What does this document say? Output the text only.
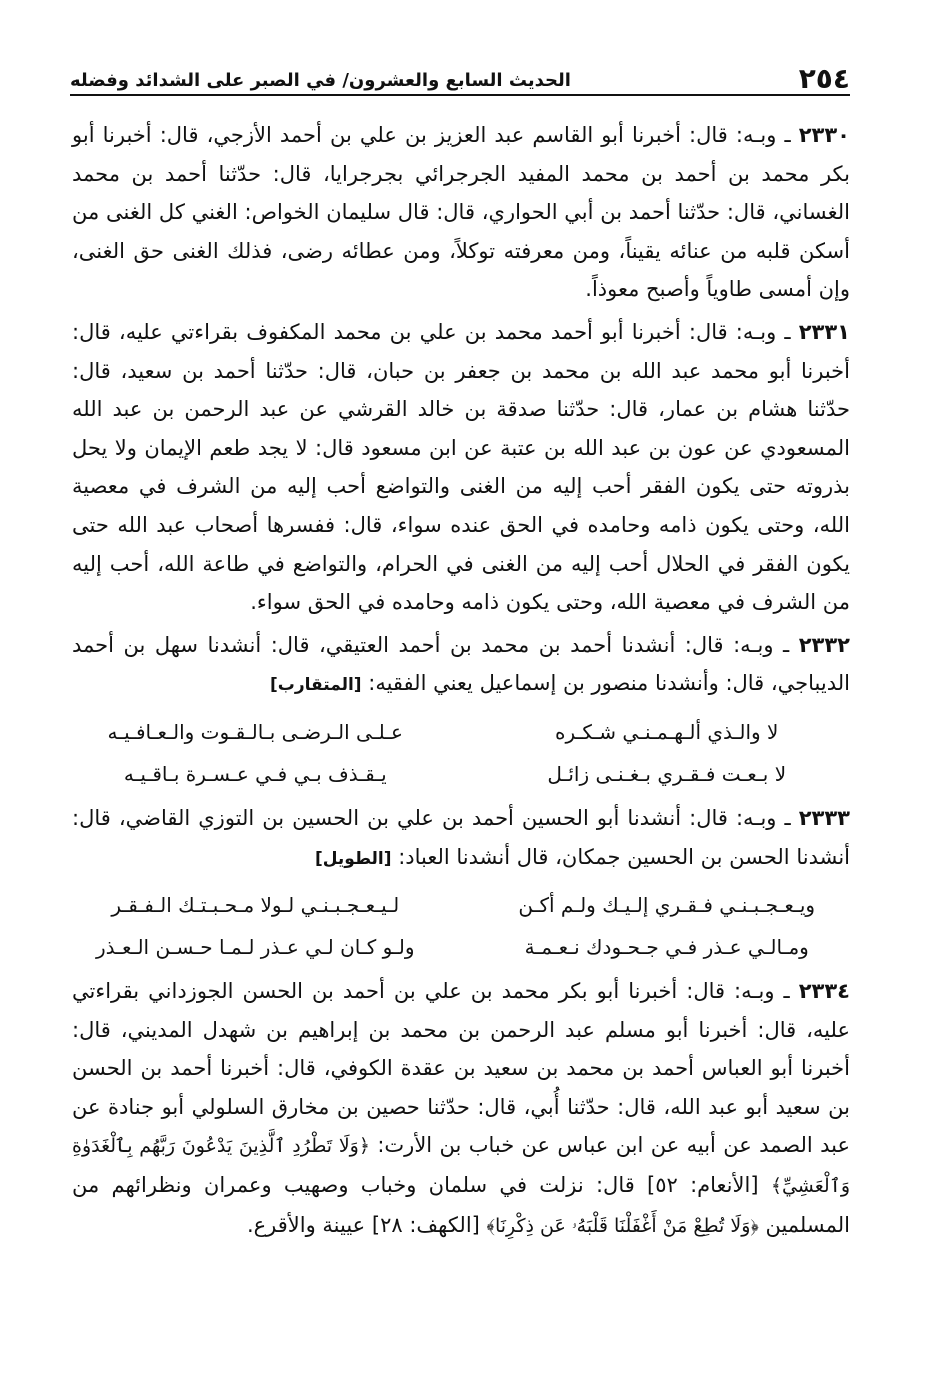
٢٥٤
الحديث السابع والعشرون/ في الصبر على الشدائد وفضله

٢٣٣٠ ـ وبـه: قال: أخبرنا أبو القاسم عبد العزيز بن علي بن أحمد الأزجي، قال: أخبرنا أبو بكر محمد بن أحمد بن محمد المفيد الجرجرائي بجرجرايا، قال: حدّثنا أحمد بن محمد الغساني، قال: حدّثنا أحمد بن أبي الحواري، قال: قال سليمان الخواص: الغني كل الغنى من أسكن قلبه من عنائه يقيناً، ومن معرفته توكلاً، ومن عطائه رضى، فذلك الغنى حق الغنى، وإن أمسى طاوياً وأصبح معوذاً.

٢٣٣١ ـ وبـه: قال: أخبرنا أبو أحمد محمد بن علي بن محمد المكفوف بقراءتي عليه، قال: أخبرنا أبو محمد عبد الله بن محمد بن جعفر بن حبان، قال: حدّثنا أحمد بن سعيد، قال: حدّثنا هشام بن عمار، قال: حدّثنا صدقة بن خالد القرشي عن عبد الرحمن بن عبد الله المسعودي عن عون بن عبد الله بن عتبة عن ابن مسعود قال: لا يجد طعم الإيمان ولا يحل بذروته حتى يكون الفقر أحب إليه من الغنى والتواضع أحب إليه من الشرف في معصية الله، وحتى يكون ذامه وحامده في الحق عنده سواء، قال: ففسرها أصحاب عبد الله حتى يكون الفقر في الحلال أحب إليه من الغنى في الحرام، والتواضع في طاعة الله، أحب إليه من الشرف في معصية الله، وحتى يكون ذامه وحامده في الحق سواء.

٢٣٣٢ ـ وبـه: قال: أنشدنا أحمد بن محمد بن أحمد العتيقي، قال: أنشدنا سهل بن أحمد الديباجي، قال: وأنشدنا منصور بن إسماعيل يعني الفقيه: [المتقارب]

لا والـذي ألـهـمـنـي شـكـره
عـلـى الـرضـى بـالـقـوت والـعـافـيـه
لا بـعـت فـقـري بـغـنـى زائـل
يـقـذف بـي فـي عـسـرة بـاقـيـه

٢٣٣٣ ـ وبـه: قال: أنشدنا أبو الحسين أحمد بن علي بن الحسين بن التوزي القاضي، قال: أنشدنا الحسن بن الحسين جمكان، قال أنشدنا العباد: [الطويل]

ويـعـجـبـنـي فـقـري إلـيـك ولـم أكـن
لـيـعـجـبـنـي لـولا مـحـبـتـك الـفـقـر
ومـالـي عـذر فـي جـحـودك نـعـمـة
ولـو كـان لـي عـذر لـمـا حـسـن الـعـذر

٢٣٣٤ ـ وبـه: قال: أخبرنا أبو بكر محمد بن علي بن أحمد بن الحسن الجوزداني بقراءتي عليه، قال: أخبرنا أبو مسلم عبد الرحمن بن محمد بن إبراهيم بن شهدل المديني، قال: أخبرنا أبو العباس أحمد بن محمد بن سعيد بن عقدة الكوفي، قال: أخبرنا أحمد بن الحسن بن سعيد أبو عبد الله، قال: حدّثنا أُبي، قال: حدّثنا حصين بن مخارق السلولي أبو جنادة عن عبد الصمد عن أبيه عن ابن عباس عن خباب بن الأرت: ﴿وَلَا تَطْرُدِ ٱلَّذِينَ يَدْعُونَ رَبَّهُم بِٱلْغَدَوٰةِ وَٱلْعَشِيِّ﴾ [الأنعام: ٥٢] قال: نزلت في سلمان وخباب وصهيب وعمران ونظرائهم من المسلمين ﴿وَلَا تُطِعْ مَنْ أَغْفَلْنَا قَلْبَهُۥ عَن ذِكْرِنَا﴾ [الكهف: ٢٨] عيينة والأقرع.
